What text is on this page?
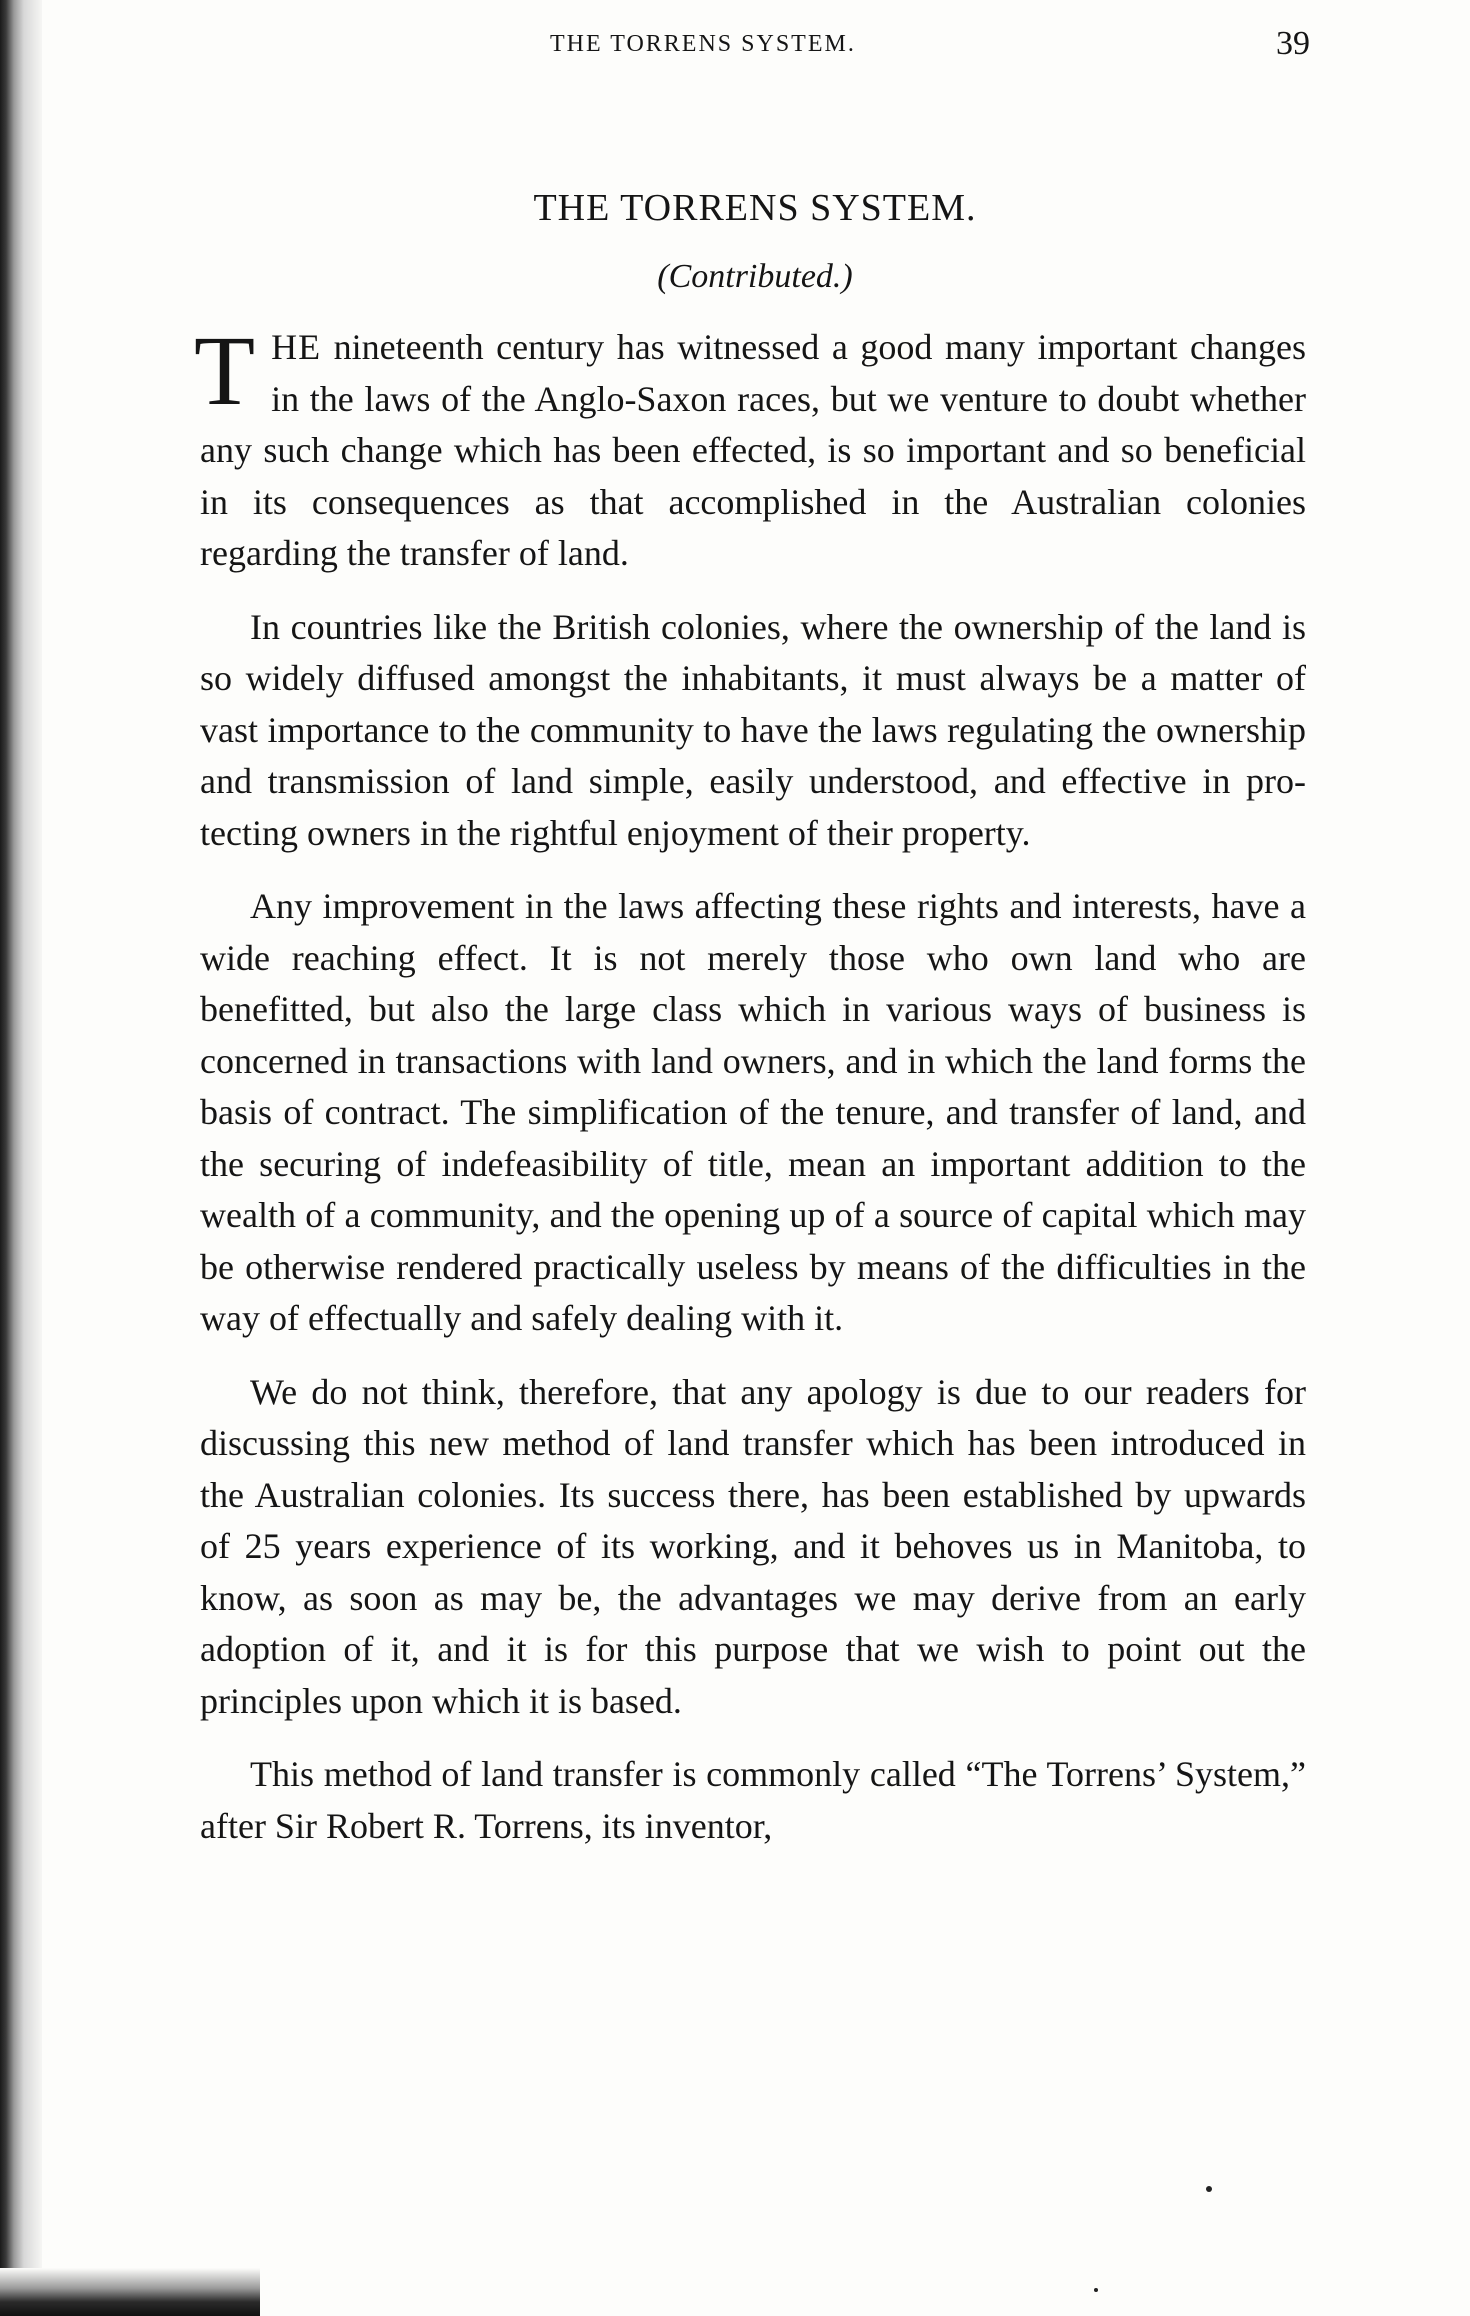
THE TORRENS SYSTEM.	39
THE TORRENS SYSTEM.
(Contributed.)

THE nineteenth century has witnessed a good many important changes in the laws of the Anglo-Saxon races, but we venture to doubt whether any such change which has been effected, is so important and so beneficial in its consequences as that accomplished in the Australian colonies regarding the transfer of land.

In countries like the British colonies, where the ownership of the land is so widely diffused amongst the inhabitants, it must always be a matter of vast importance to the community to have the laws regulating the ownership and transmission of land simple, easily understood, and effective in protecting owners in the rightful enjoyment of their property.

Any improvement in the laws affecting these rights and interests, have a wide reaching effect. It is not merely those who own land who are benefitted, but also the large class which in various ways of business is concerned in transactions with land owners, and in which the land forms the basis of contract. The simplification of the tenure, and transfer of land, and the securing of indefeasibility of title, mean an important addition to the wealth of a community, and the opening up of a source of capital which may be otherwise rendered practically useless by means of the difficulties in the way of effectually and safely dealing with it.

We do not think, therefore, that any apology is due to our readers for discussing this new method of land transfer which has been introduced in the Australian colonies. Its success there, has been established by upwards of 25 years experience of its working, and it behoves us in Manitoba, to know, as soon as may be, the advantages we may derive from an early adoption of it, and it is for this purpose that we wish to point out the principles upon which it is based.

This method of land transfer is commonly called “The Torrens’ System,” after Sir Robert R. Torrens, its inventor,
